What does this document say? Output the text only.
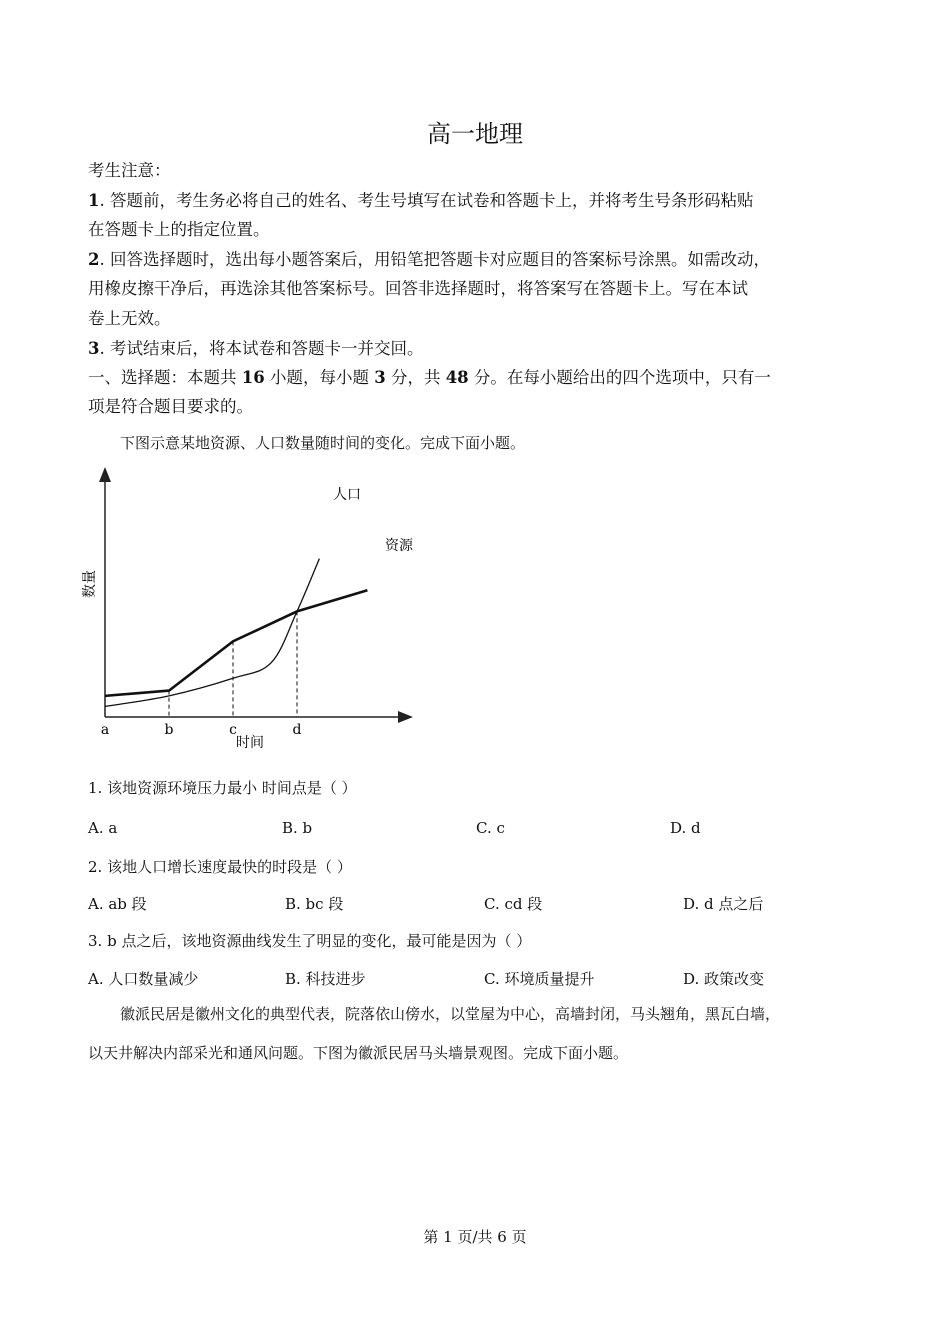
高一地理
考生注意：
1. 答题前，考生务必将自己的姓名、考生号填写在试卷和答题卡上，并将考生号条形码粘贴
在答题卡上的指定位置。
2. 回答选择题时，选出每小题答案后，用铅笔把答题卡对应题目的答案标号涂黑。如需改动，
用橡皮擦干净后，再选涂其他答案标号。回答非选择题时，将答案写在答题卡上。写在本试
卷上无效。
3. 考试结束后，将本试卷和答题卡一并交回。
一、选择题：本题共 16 小题，每小题 3 分，共 48 分。在每小题给出的四个选项中，只有一
项是符合题目要求的。
下图示意某地资源、人口数量随时间的变化。完成下面小题。
数量
时间
a	b	c	d
资源
人口
1. 该地资源环境压力最小 时间点是（ ）
A. a	B. b	C. c	D. d
2. 该地人口增长速度最快的时段是（ ）
A. ab 段	B. bc 段	C. cd 段	D. d 点之后
3. b 点之后，该地资源曲线发生了明显的变化，最可能是因为（ ）
A. 人口数量减少	B. 科技进步	C. 环境质量提升	D. 政策改变
徽派民居是徽州文化的典型代表，院落依山傍水，以堂屋为中心，高墙封闭，马头翘角，黑瓦白墙，
以天井解决内部采光和通风问题。下图为徽派民居马头墙景观图。完成下面小题。
第 1 页/共 6 页
